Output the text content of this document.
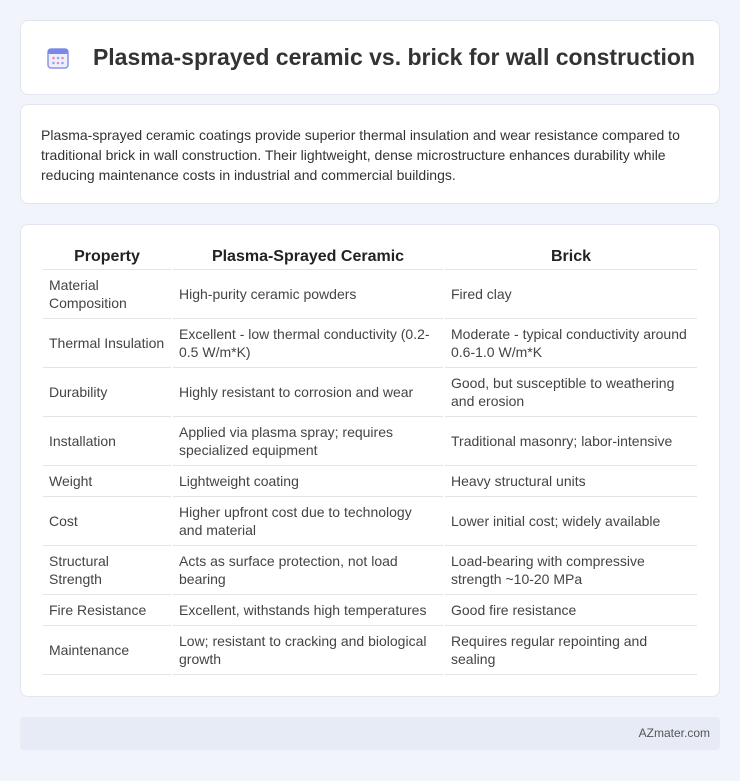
Plasma-sprayed ceramic vs. brick for wall construction

Plasma-sprayed ceramic coatings provide superior thermal insulation and wear resistance compared to traditional brick in wall construction. Their lightweight, dense microstructure enhances durability while reducing maintenance costs in industrial and commercial buildings.

Property	Plasma-Sprayed Ceramic	Brick
Material Composition	High-purity ceramic powders	Fired clay
Thermal Insulation	Excellent - low thermal conductivity (0.2-0.5 W/m*K)	Moderate - typical conductivity around 0.6-1.0 W/m*K
Durability	Highly resistant to corrosion and wear	Good, but susceptible to weathering and erosion
Installation	Applied via plasma spray; requires specialized equipment	Traditional masonry; labor-intensive
Weight	Lightweight coating	Heavy structural units
Cost	Higher upfront cost due to technology and material	Lower initial cost; widely available
Structural Strength	Acts as surface protection, not load bearing	Load-bearing with compressive strength ~10-20 MPa
Fire Resistance	Excellent, withstands high temperatures	Good fire resistance
Maintenance	Low; resistant to cracking and biological growth	Requires regular repointing and sealing
AZmater.com
